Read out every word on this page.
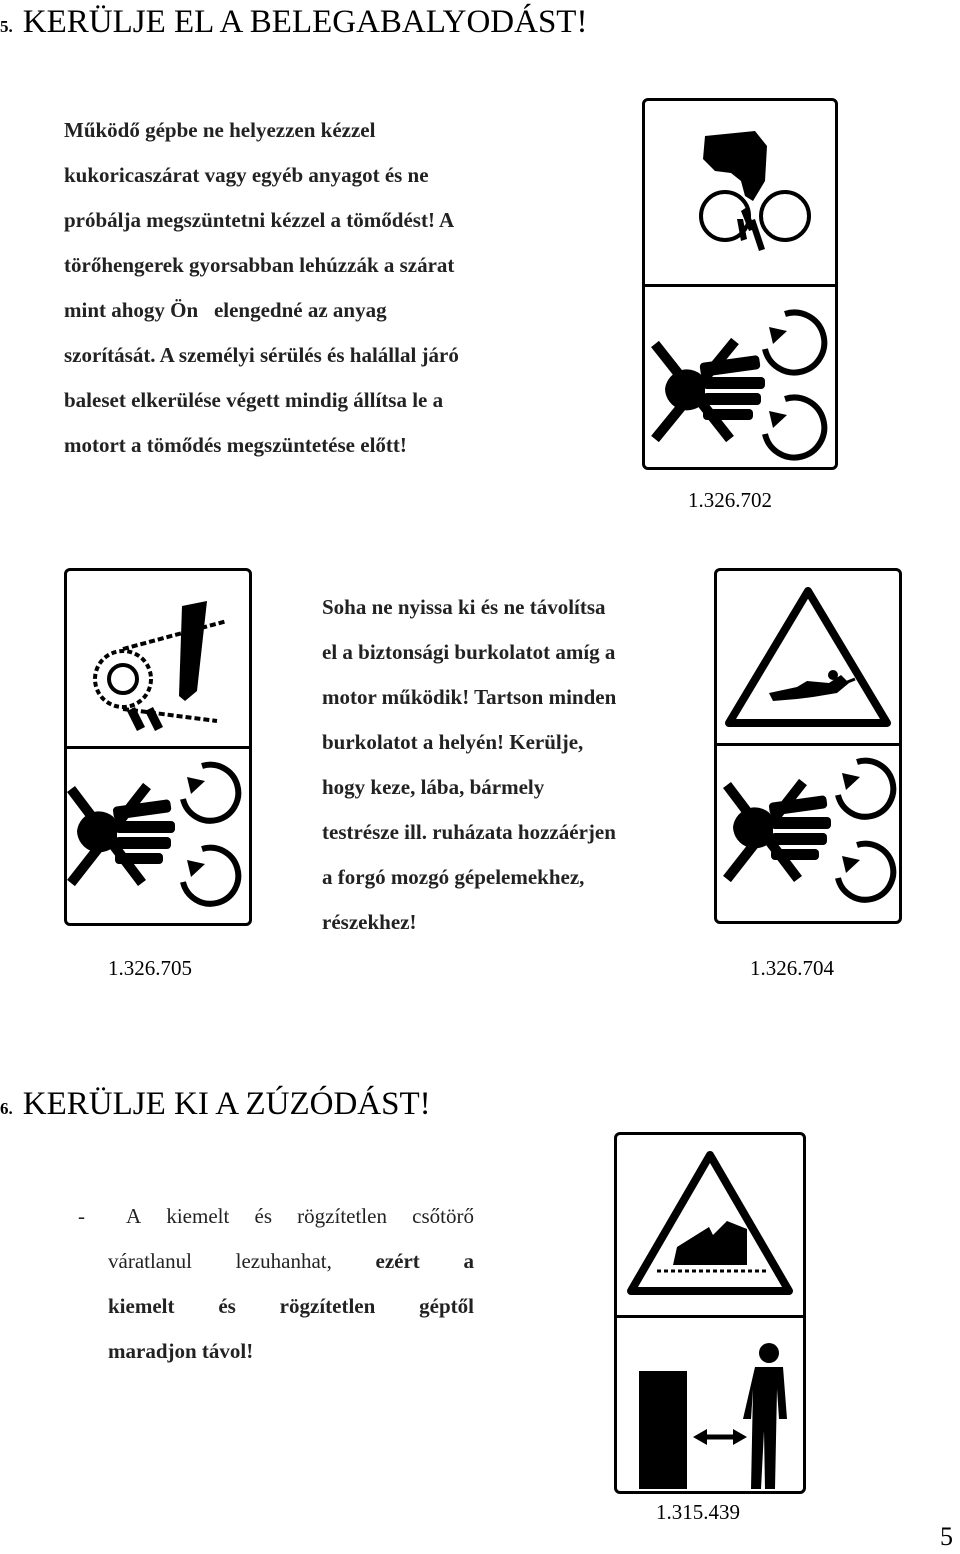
5. KERÜLJE EL A BELEGABALYODÁST!
Működő gépbe ne helyezzen kézzel
kukoricaszárat vagy egyéb anyagot és ne
próbálja megszüntetni kézzel a tömődést! A
törőhengerek gyorsabban lehúzzák a szárat
mint ahogy Ön   elengedné az anyag
szorítását. A személyi sérülés és halállal járó
baleset elkerülése végett mindig állítsa le a
motort a tömődés megszüntetése előtt!
1.326.702
Soha ne nyissa ki és ne távolítsa
el a biztonsági burkolatot amíg a
motor működik! Tartson minden
burkolatot a helyén! Kerülje,
hogy keze, lába, bármely
testrésze ill. ruházata hozzáérjen
a forgó mozgó gépelemekhez,
részekhez!
1.326.705	1.326.704
6. KERÜLJE KI A ZÚZÓDÁST!
- A kiemelt és rögzítetlen csőtörő
váratlanul lezuhanhat, ezért a
kiemelt és rögzítetlen géptől
maradjon távol!
1.315.439
5
